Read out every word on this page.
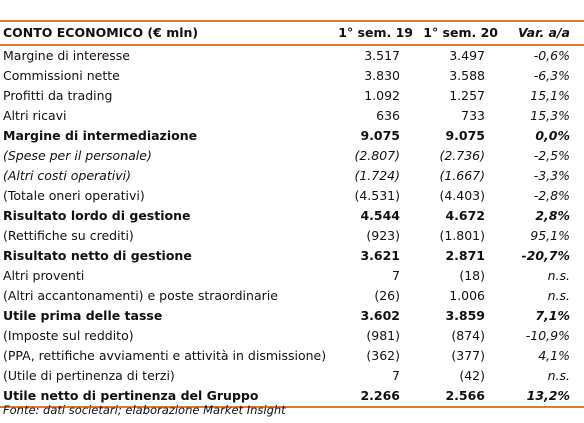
CONTO ECONOMICO (€ mln)	1° sem. 19	1° sem. 20	Var. a/a
Margine di interesse	3.517	3.497	-0,6%
Commissioni nette	3.830	3.588	-6,3%
Profitti da trading	1.092	1.257	15,1%
Altri ricavi	636	733	15,3%
Margine di intermediazione	9.075	9.075	0,0%
(Spese per il personale)	(2.807)	(2.736)	-2,5%
(Altri costi operativi)	(1.724)	(1.667)	-3,3%
(Totale oneri operativi)	(4.531)	(4.403)	-2,8%
Risultato lordo di gestione	4.544	4.672	2,8%
(Rettifiche su crediti)	(923)	(1.801)	95,1%
Risultato netto di gestione	3.621	2.871	-20,7%
Altri proventi	7	(18)	n.s.
(Altri accantonamenti) e poste straordinarie	(26)	1.006	n.s.
Utile prima delle tasse	3.602	3.859	7,1%
(Imposte sul reddito)	(981)	(874)	-10,9%
(PPA, rettifiche avviamenti e attività in dismissione)	(362)	(377)	4,1%
(Utile di pertinenza di terzi)	7	(42)	n.s.
Utile netto di pertinenza del Gruppo	2.266	2.566	13,2%
Fonte: dati societari; elaborazione Market Insight
